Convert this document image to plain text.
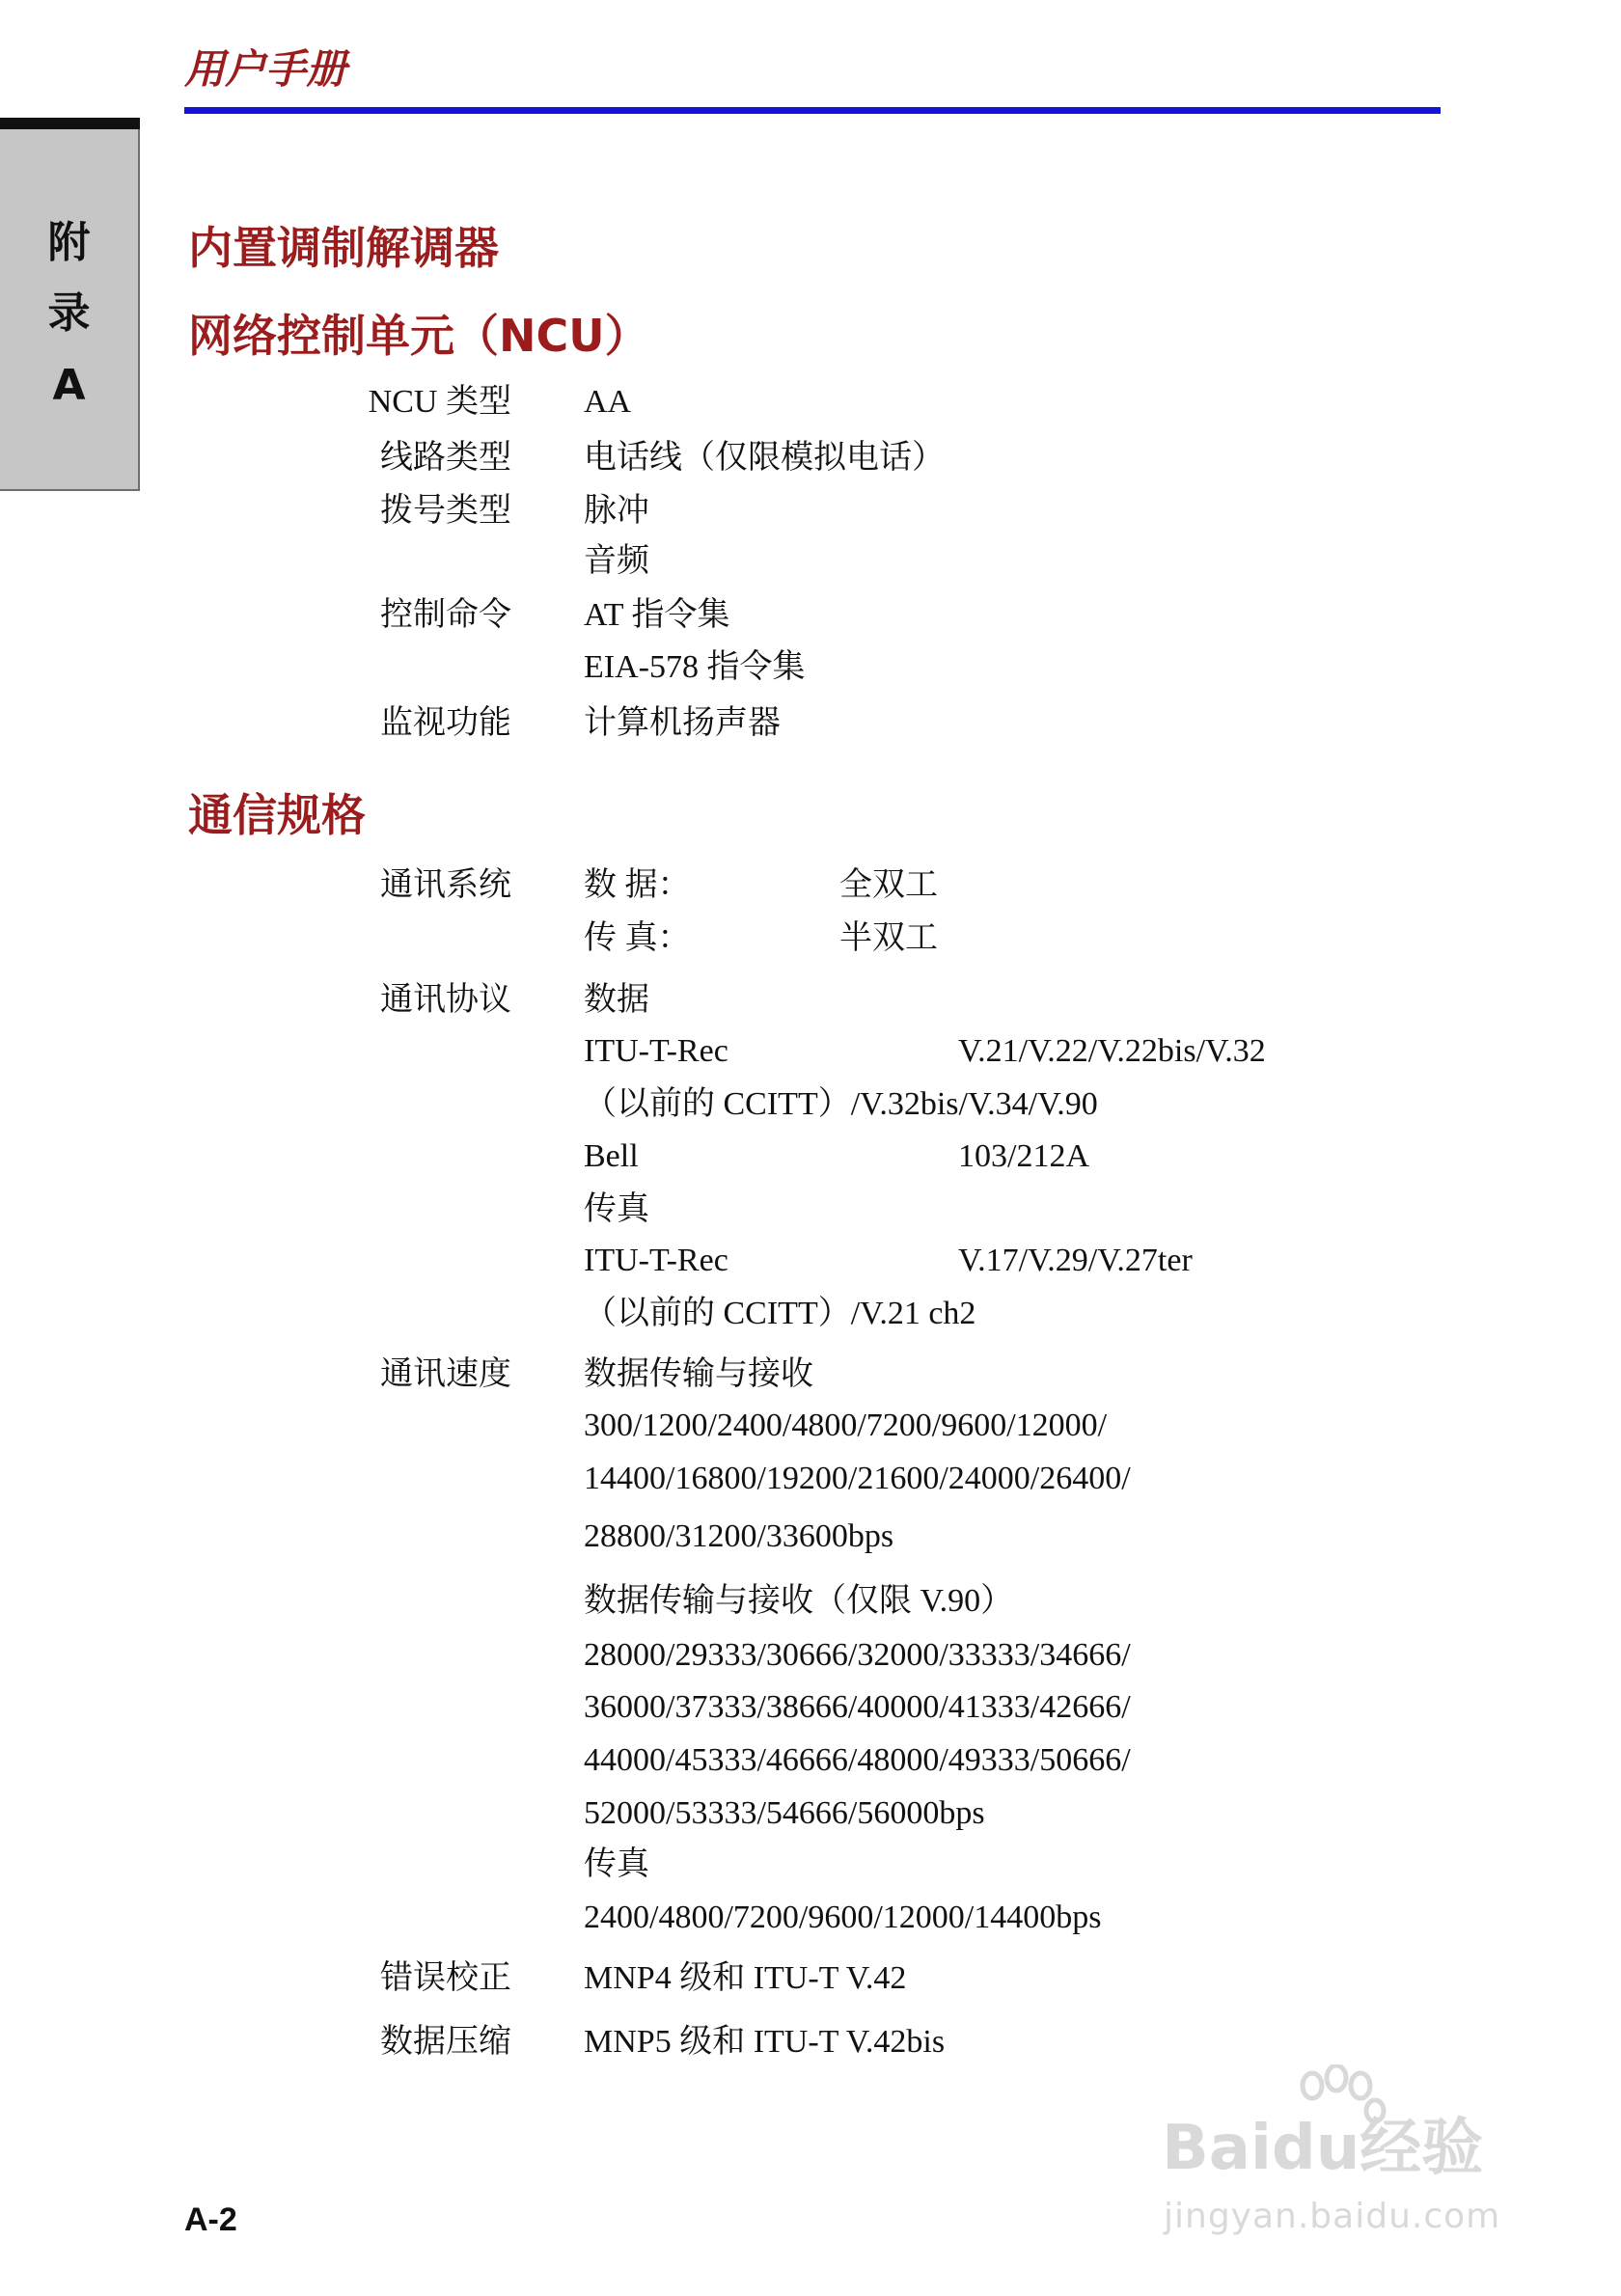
用户手册
附
录
A
内置调制解调器
网络控制单元（NCU）
NCU 类型 AA
线路类型 电话线（仅限模拟电话）
拨号类型 脉冲
音频
控制命令 AT 指令集
EIA-578 指令集
监视功能 计算机扬声器
通信规格
通讯系统 数 据：	全双工
传 真：	半双工
通讯协议 数据
ITU-T-Rec	V.21/V.22/V.22bis/V.32
（以前的 CCITT）/V.32bis/V.34/V.90
Bell	103/212A
传真
ITU-T-Rec	V.17/V.29/V.27ter
（以前的 CCITT）/V.21 ch2
通讯速度 数据传输与接收
300/1200/2400/4800/7200/9600/12000/
14400/16800/19200/21600/24000/26400/
28800/31200/33600bps
数据传输与接收（仅限 V.90）
28000/29333/30666/32000/33333/34666/
36000/37333/38666/40000/41333/42666/
44000/45333/46666/48000/49333/50666/
52000/53333/54666/56000bps
传真
2400/4800/7200/9600/12000/14400bps
错误校正 MNP4 级和 ITU-T V.42
数据压缩 MNP5 级和 ITU-T V.42bis
A-2
Baidu经验
jingyan.baidu.com
